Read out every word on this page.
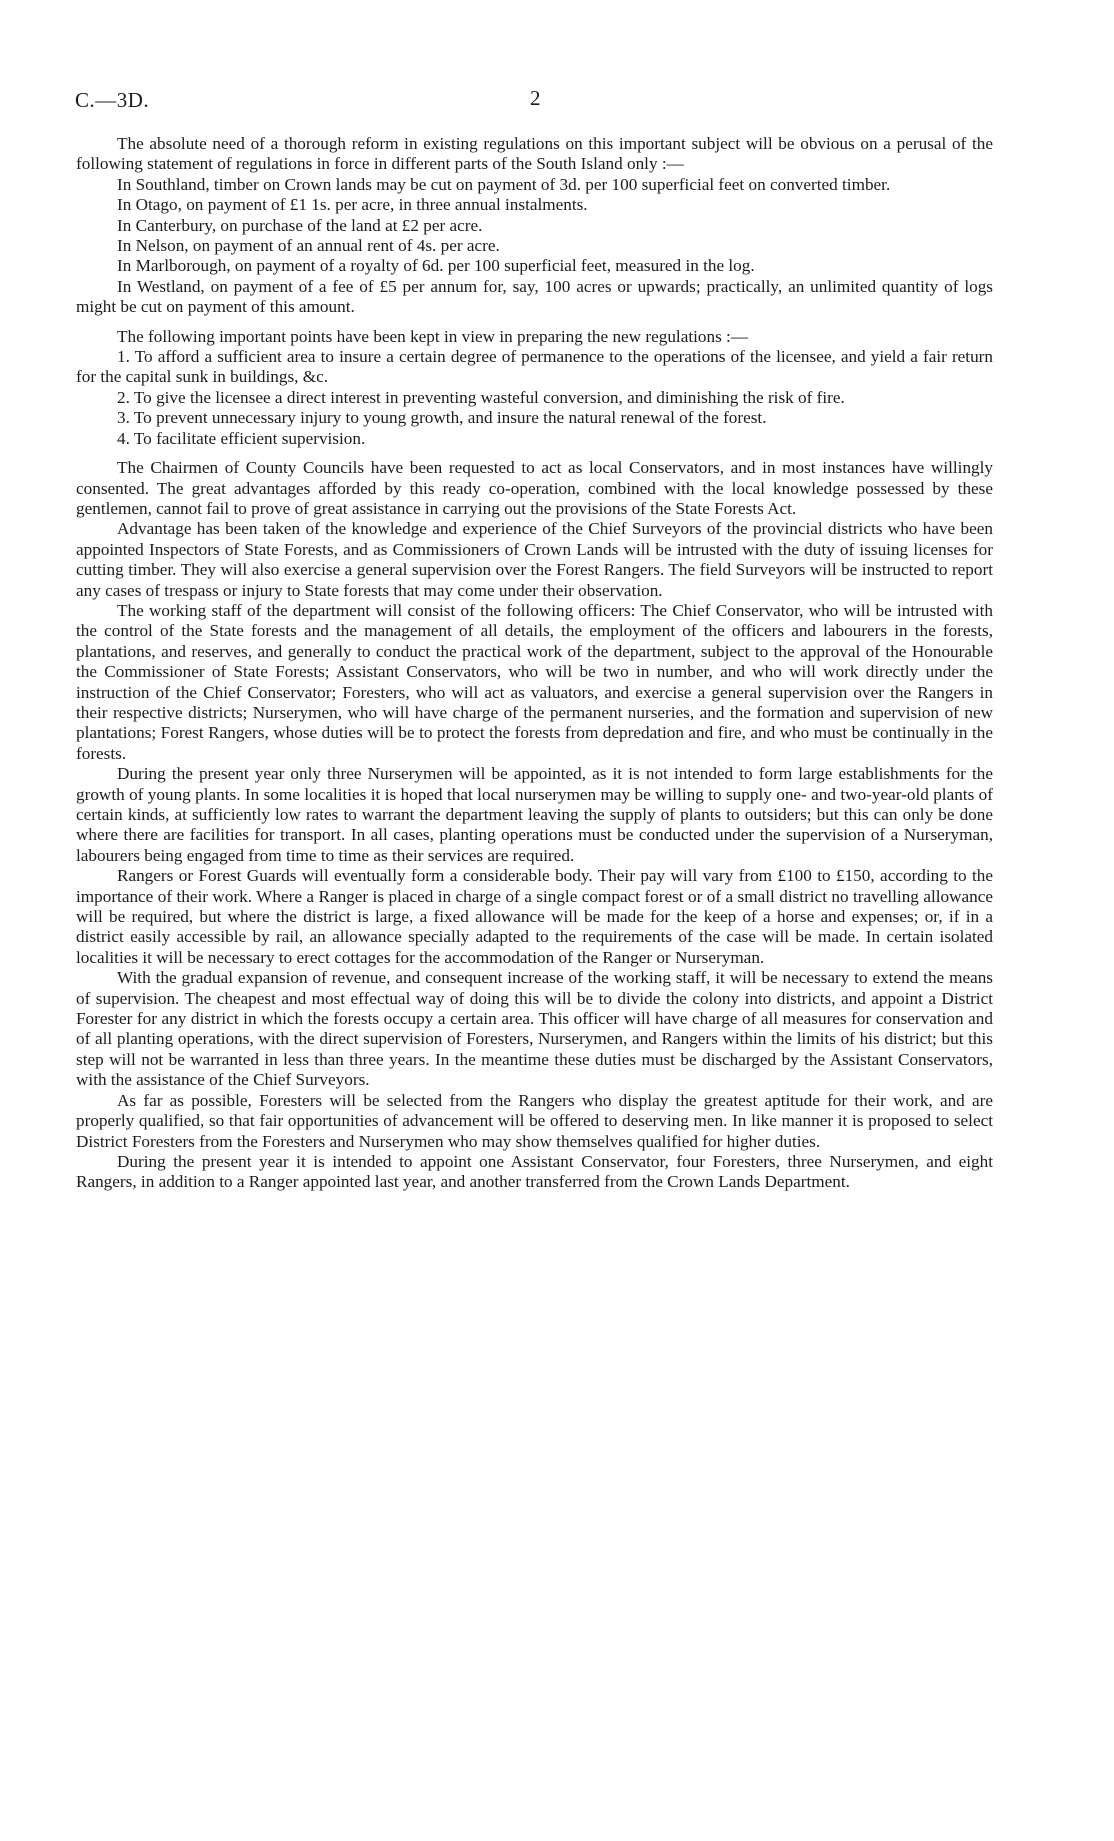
C.—3D.	2

The absolute need of a thorough reform in existing regulations on this important subject will be obvious on a perusal of the following statement of regulations in force in different parts of the South Island only :—

In Southland, timber on Crown lands may be cut on payment of 3d. per 100 superficial feet on converted timber.

In Otago, on payment of £1 1s. per acre, in three annual instalments.

In Canterbury, on purchase of the land at £2 per acre.

In Nelson, on payment of an annual rent of 4s. per acre.

In Marlborough, on payment of a royalty of 6d. per 100 superficial feet, measured in the log.

In Westland, on payment of a fee of £5 per annum for, say, 100 acres or upwards; practically, an unlimited quantity of logs might be cut on payment of this amount.

The following important points have been kept in view in preparing the new regulations :—

1. To afford a sufficient area to insure a certain degree of permanence to the operations of the licensee, and yield a fair return for the capital sunk in buildings, &c.

2. To give the licensee a direct interest in preventing wasteful conversion, and diminishing the risk of fire.

3. To prevent unnecessary injury to young growth, and insure the natural renewal of the forest.

4. To facilitate efficient supervision.

The Chairmen of County Councils have been requested to act as local Conservators, and in most instances have willingly consented. The great advantages afforded by this ready co-operation, combined with the local knowledge possessed by these gentlemen, cannot fail to prove of great assistance in carrying out the provisions of the State Forests Act.

Advantage has been taken of the knowledge and experience of the Chief Surveyors of the provincial districts who have been appointed Inspectors of State Forests, and as Commissioners of Crown Lands will be intrusted with the duty of issuing licenses for cutting timber. They will also exercise a general supervision over the Forest Rangers. The field Surveyors will be instructed to report any cases of trespass or injury to State forests that may come under their observation.

The working staff of the department will consist of the following officers: The Chief Conservator, who will be intrusted with the control of the State forests and the management of all details, the employment of the officers and labourers in the forests, plantations, and reserves, and generally to conduct the practical work of the department, subject to the approval of the Honourable the Commissioner of State Forests; Assistant Conservators, who will be two in number, and who will work directly under the instruction of the Chief Conservator; Foresters, who will act as valuators, and exercise a general supervision over the Rangers in their respective districts; Nurserymen, who will have charge of the permanent nurseries, and the formation and supervision of new plantations; Forest Rangers, whose duties will be to protect the forests from depredation and fire, and who must be continually in the forests.

During the present year only three Nurserymen will be appointed, as it is not intended to form large establishments for the growth of young plants. In some localities it is hoped that local nurserymen may be willing to supply one- and two-year-old plants of certain kinds, at sufficiently low rates to warrant the department leaving the supply of plants to outsiders; but this can only be done where there are facilities for transport. In all cases, planting operations must be conducted under the supervision of a Nurseryman, labourers being engaged from time to time as their services are required.

Rangers or Forest Guards will eventually form a considerable body. Their pay will vary from £100 to £150, according to the importance of their work. Where a Ranger is placed in charge of a single compact forest or of a small district no travelling allowance will be required, but where the district is large, a fixed allowance will be made for the keep of a horse and expenses; or, if in a district easily accessible by rail, an allowance specially adapted to the requirements of the case will be made. In certain isolated localities it will be necessary to erect cottages for the accommodation of the Ranger or Nurseryman.

With the gradual expansion of revenue, and consequent increase of the working staff, it will be necessary to extend the means of supervision. The cheapest and most effectual way of doing this will be to divide the colony into districts, and appoint a District Forester for any district in which the forests occupy a certain area. This officer will have charge of all measures for conservation and of all planting operations, with the direct supervision of Foresters, Nurserymen, and Rangers within the limits of his district; but this step will not be warranted in less than three years. In the meantime these duties must be discharged by the Assistant Conservators, with the assistance of the Chief Surveyors.

As far as possible, Foresters will be selected from the Rangers who display the greatest aptitude for their work, and are properly qualified, so that fair opportunities of advancement will be offered to deserving men. In like manner it is proposed to select District Foresters from the Foresters and Nurserymen who may show themselves qualified for higher duties.

During the present year it is intended to appoint one Assistant Conservator, four Foresters, three Nurserymen, and eight Rangers, in addition to a Ranger appointed last year, and another transferred from the Crown Lands Department.
